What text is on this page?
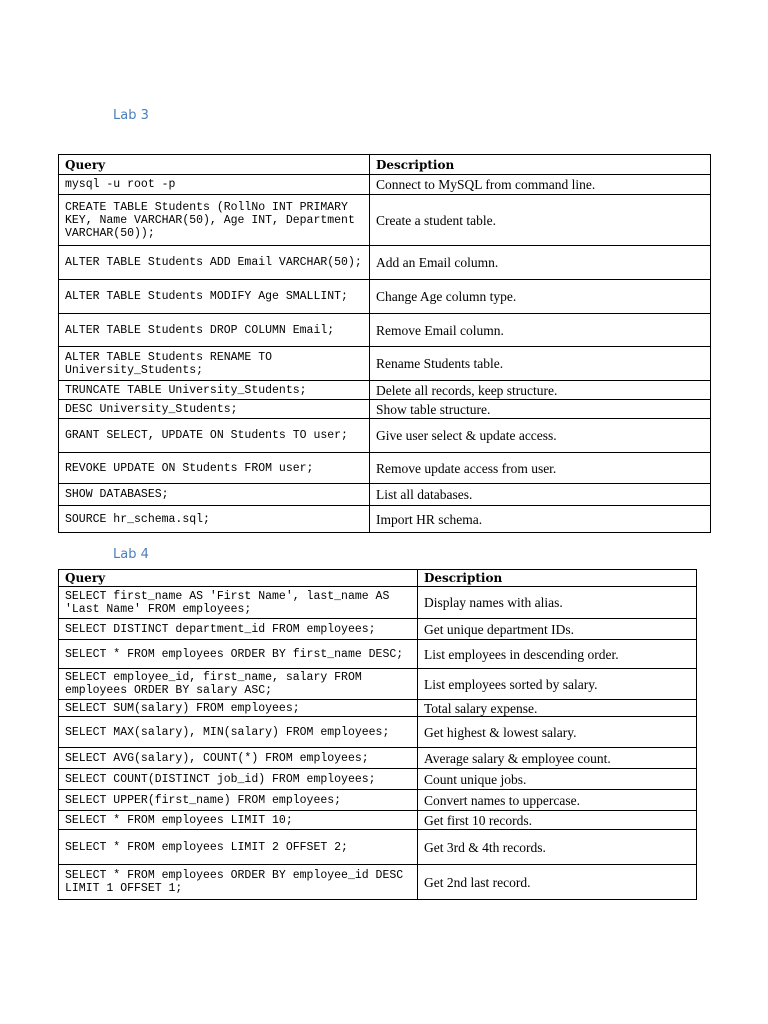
Lab 3
Query	Description
mysql -u root -p	Connect to MySQL from command line.
CREATE TABLE Students (RollNo INT PRIMARY KEY, Name VARCHAR(50), Age INT, Department VARCHAR(50));	Create a student table.
ALTER TABLE Students ADD Email VARCHAR(50);	Add an Email column.
ALTER TABLE Students MODIFY Age SMALLINT;	Change Age column type.
ALTER TABLE Students DROP COLUMN Email;	Remove Email column.
ALTER TABLE Students RENAME TO University_Students;	Rename Students table.
TRUNCATE TABLE University_Students;	Delete all records, keep structure.
DESC University_Students;	Show table structure.
GRANT SELECT, UPDATE ON Students TO user;	Give user select & update access.
REVOKE UPDATE ON Students FROM user;	Remove update access from user.
SHOW DATABASES;	List all databases.
SOURCE hr_schema.sql;	Import HR schema.
Lab 4
Query	Description
SELECT first_name AS 'First Name', last_name AS 'Last Name' FROM employees;	Display names with alias.
SELECT DISTINCT department_id FROM employees;	Get unique department IDs.
SELECT * FROM employees ORDER BY first_name DESC;	List employees in descending order.
SELECT employee_id, first_name, salary FROM employees ORDER BY salary ASC;	List employees sorted by salary.
SELECT SUM(salary) FROM employees;	Total salary expense.
SELECT MAX(salary), MIN(salary) FROM employees;	Get highest & lowest salary.
SELECT AVG(salary), COUNT(*) FROM employees;	Average salary & employee count.
SELECT COUNT(DISTINCT job_id) FROM employees;	Count unique jobs.
SELECT UPPER(first_name) FROM employees;	Convert names to uppercase.
SELECT * FROM employees LIMIT 10;	Get first 10 records.
SELECT * FROM employees LIMIT 2 OFFSET 2;	Get 3rd & 4th records.
SELECT * FROM employees ORDER BY employee_id DESC LIMIT 1 OFFSET 1;	Get 2nd last record.
